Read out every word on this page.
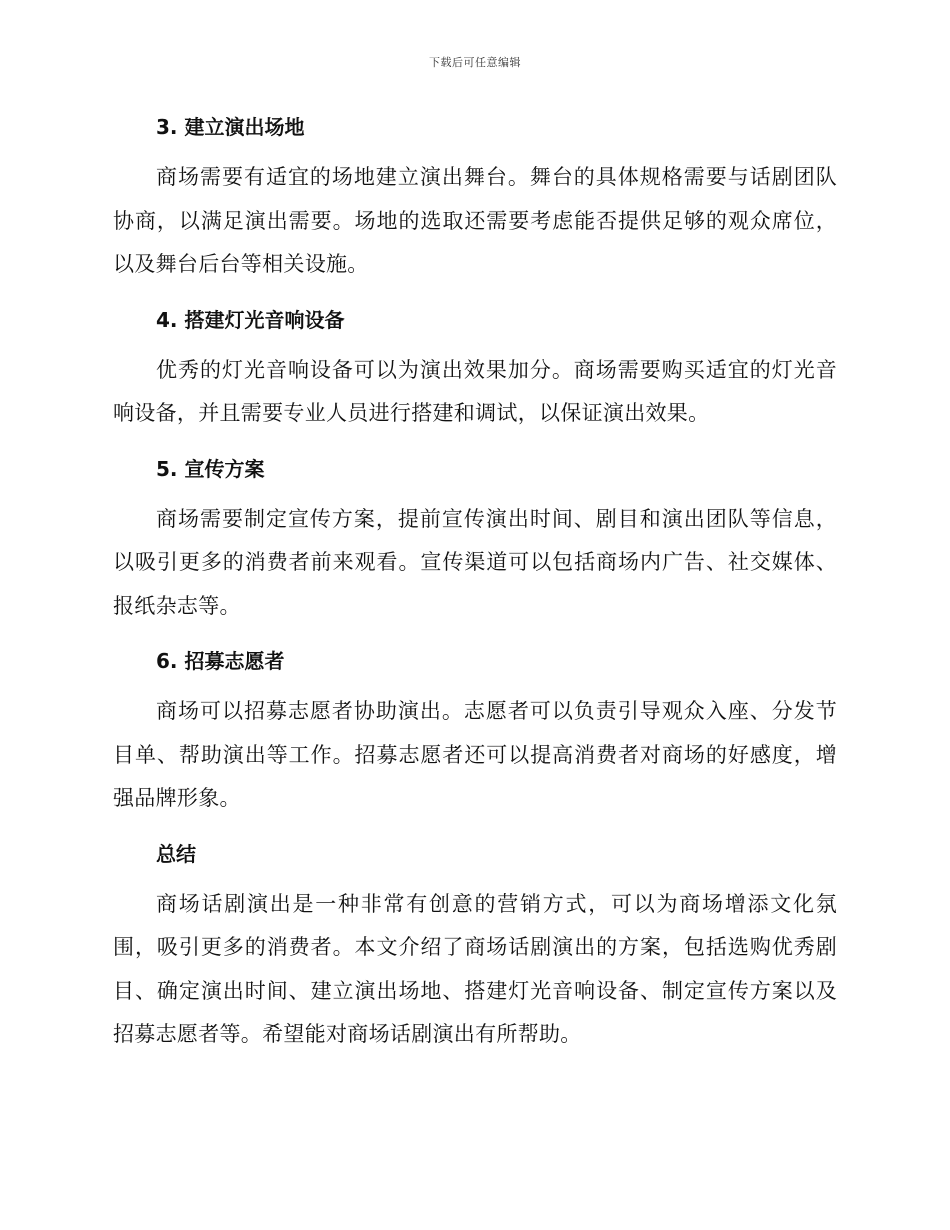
下载后可任意编辑
3. 建立演出场地

商场需要有适宜的场地建立演出舞台。舞台的具体规格需要与话剧团队协商，以满足演出需要。场地的选取还需要考虑能否提供足够的观众席位，以及舞台后台等相关设施。

4. 搭建灯光音响设备

优秀的灯光音响设备可以为演出效果加分。商场需要购买适宜的灯光音响设备，并且需要专业人员进行搭建和调试，以保证演出效果。

5. 宣传方案

商场需要制定宣传方案，提前宣传演出时间、剧目和演出团队等信息，以吸引更多的消费者前来观看。宣传渠道可以包括商场内广告、社交媒体、报纸杂志等。

6. 招募志愿者

商场可以招募志愿者协助演出。志愿者可以负责引导观众入座、分发节目单、帮助演出等工作。招募志愿者还可以提高消费者对商场的好感度，增强品牌形象。

总结

商场话剧演出是一种非常有创意的营销方式，可以为商场增添文化氛围，吸引更多的消费者。本文介绍了商场话剧演出的方案，包括选购优秀剧目、确定演出时间、建立演出场地、搭建灯光音响设备、制定宣传方案以及招募志愿者等。希望能对商场话剧演出有所帮助。
